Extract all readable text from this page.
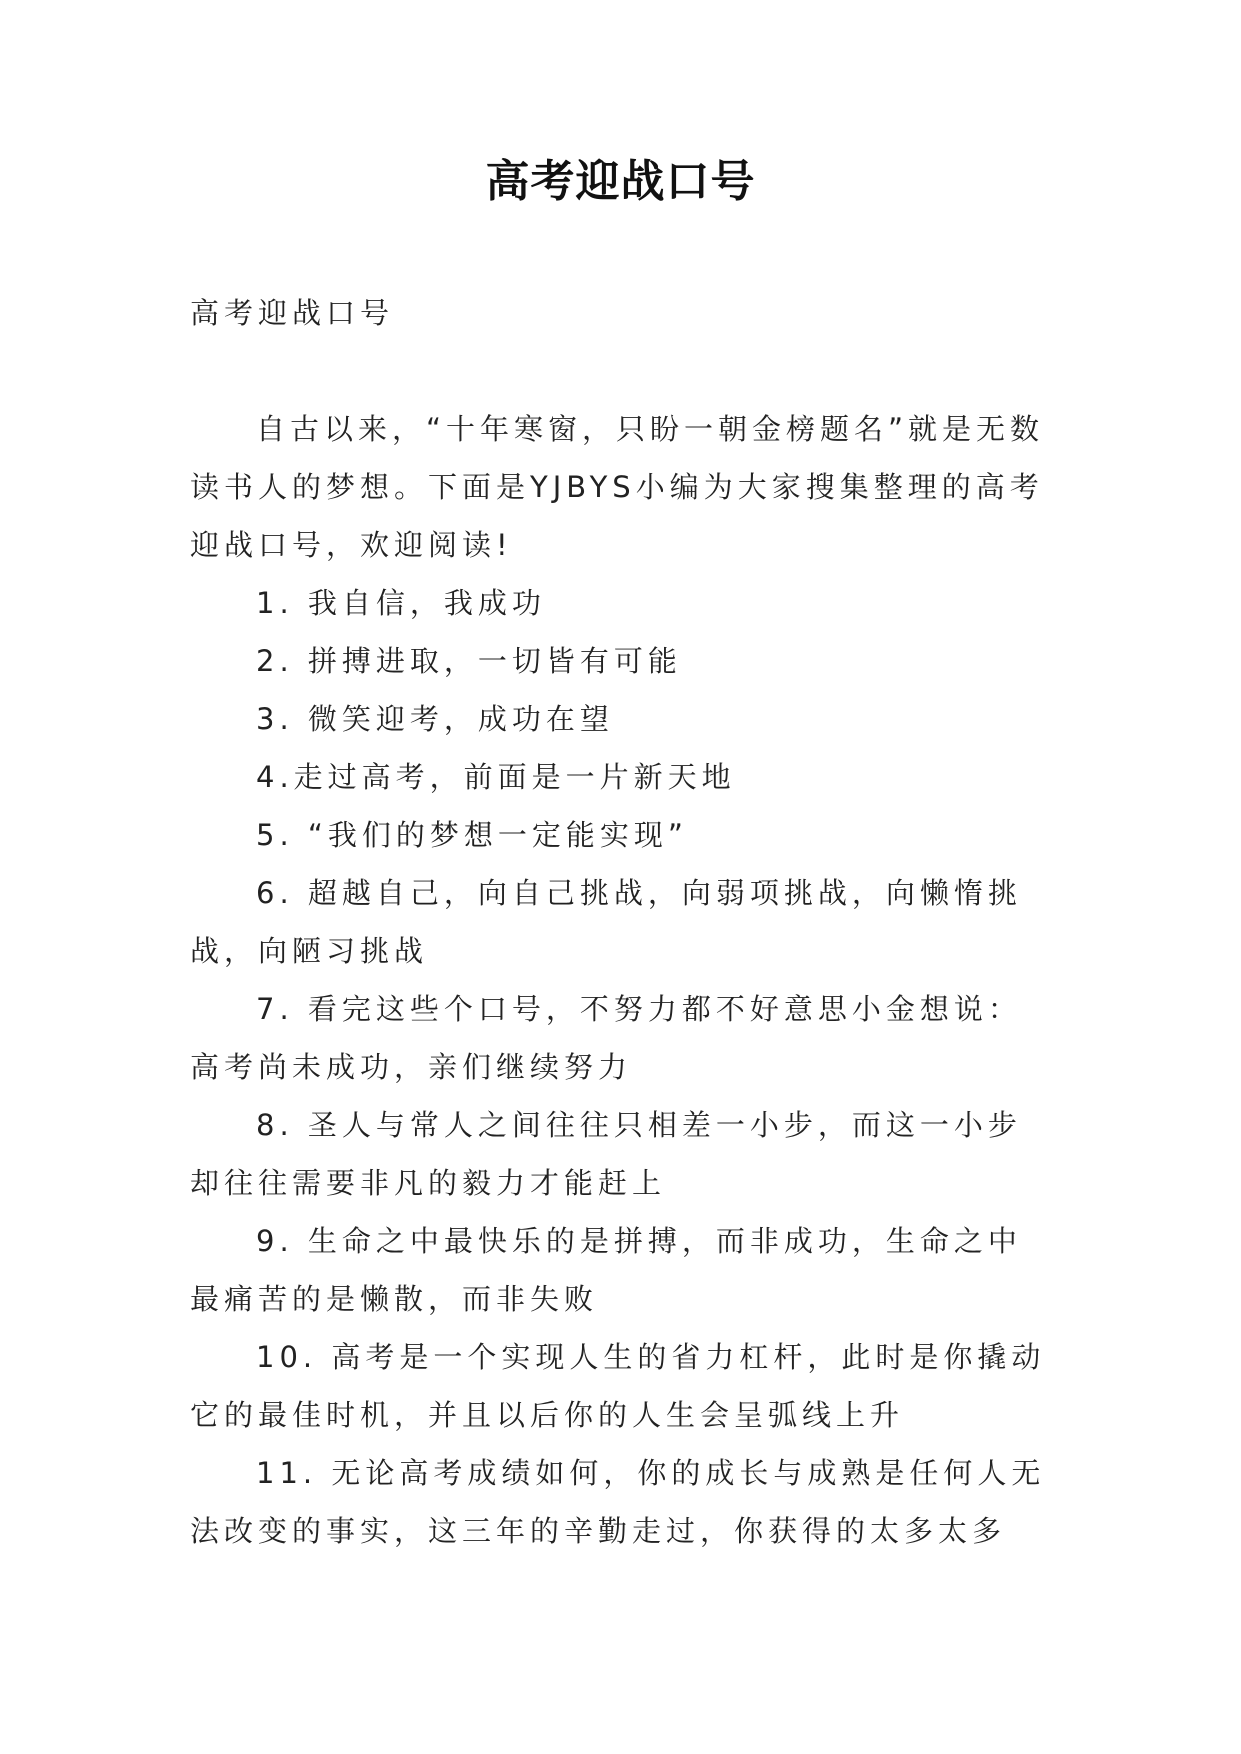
高考迎战口号

高考迎战口号

自古以来，“十年寒窗，只盼一朝金榜题名”就是无数读书人的梦想。下面是YJBYS小编为大家搜集整理的高考迎战口号，欢迎阅读!

1. 我自信，我成功

2. 拼搏进取，一切皆有可能

3. 微笑迎考，成功在望

4.走过高考，前面是一片新天地

5. “我们的梦想一定能实现”

6. 超越自己，向自己挑战，向弱项挑战，向懒惰挑战，向陋习挑战

7. 看完这些个口号，不努力都不好意思小金想说：高考尚未成功，亲们继续努力

8. 圣人与常人之间往往只相差一小步，而这一小步却往往需要非凡的毅力才能赶上

9. 生命之中最快乐的是拼搏，而非成功，生命之中最痛苦的是懒散，而非失败

10. 高考是一个实现人生的省力杠杆，此时是你撬动它的最佳时机，并且以后你的人生会呈弧线上升

11. 无论高考成绩如何，你的成长与成熟是任何人无法改变的事实，这三年的辛勤走过，你获得的太多太多
